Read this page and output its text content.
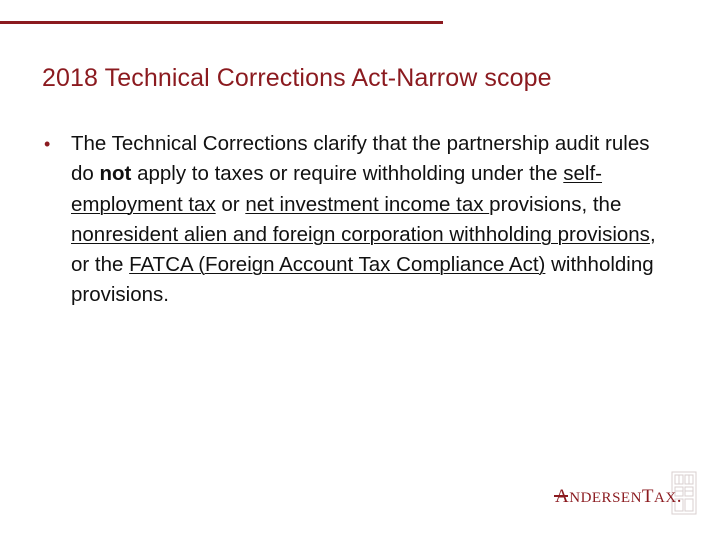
2018 Technical Corrections Act-Narrow scope
• The Technical Corrections clarify that the partnership audit rules do not apply to taxes or require withholding under the self-employment tax or net investment income tax provisions, the nonresident alien and foreign corporation withholding provisions, or the FATCA (Foreign Account Tax Compliance Act) withholding provisions.
ANDERSENTAX.
